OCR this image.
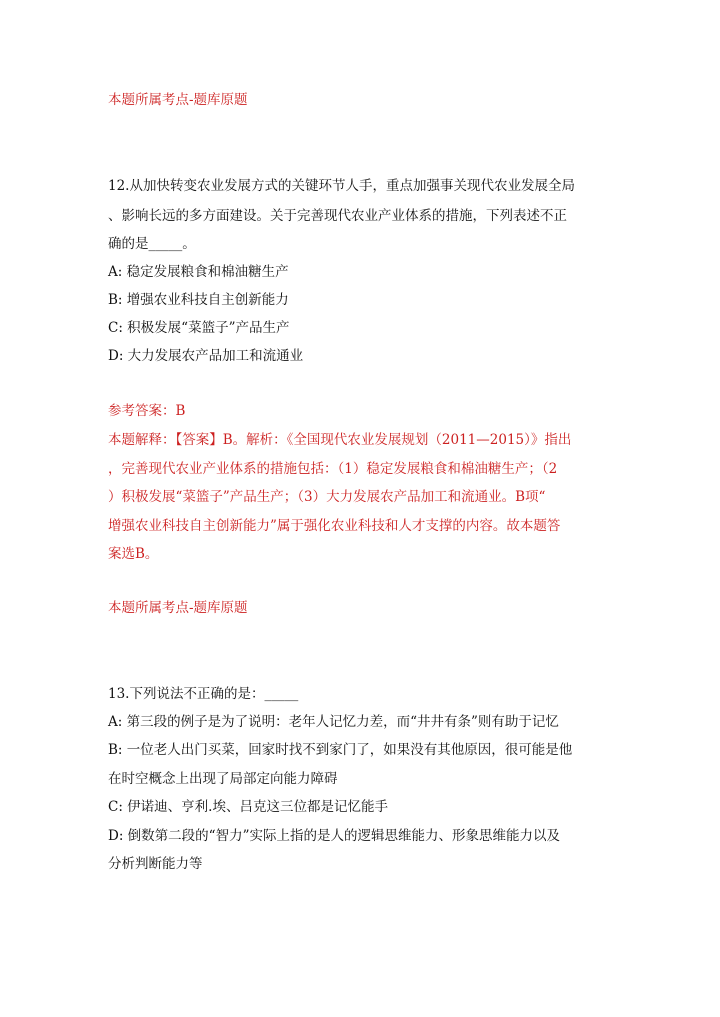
本题所属考点-题库原题
12.从加快转变农业发展方式的关键环节人手，重点加强事关现代农业发展全局
、影响长远的多方面建设。关于完善现代农业产业体系的措施，下列表述不正
确的是_____。
A: 稳定发展粮食和棉油糖生产
B: 增强农业科技自主创新能力
C: 积极发展“菜篮子”产品生产
D: 大力发展农产品加工和流通业
参考答案：B
本题解释：【答案】B。解析：《全国现代农业发展规划（2011—2015）》指出
，完善现代农业产业体系的措施包括：（1）稳定发展粮食和棉油糖生产；（2
）积极发展“菜篮子”产品生产；（3）大力发展农产品加工和流通业。B项“
增强农业科技自主创新能力”属于强化农业科技和人才支撑的内容。故本题答
案选B。
本题所属考点-题库原题
13.下列说法不正确的是：_____
A: 第三段的例子是为了说明：老年人记忆力差，而“井井有条”则有助于记忆
B: 一位老人出门买菜，回家时找不到家门了，如果没有其他原因，很可能是他
在时空概念上出现了局部定向能力障碍
C: 伊诺迪、亨利.埃、吕克这三位都是记忆能手
D: 倒数第二段的“智力”实际上指的是人的逻辑思维能力、形象思维能力以及
分析判断能力等
